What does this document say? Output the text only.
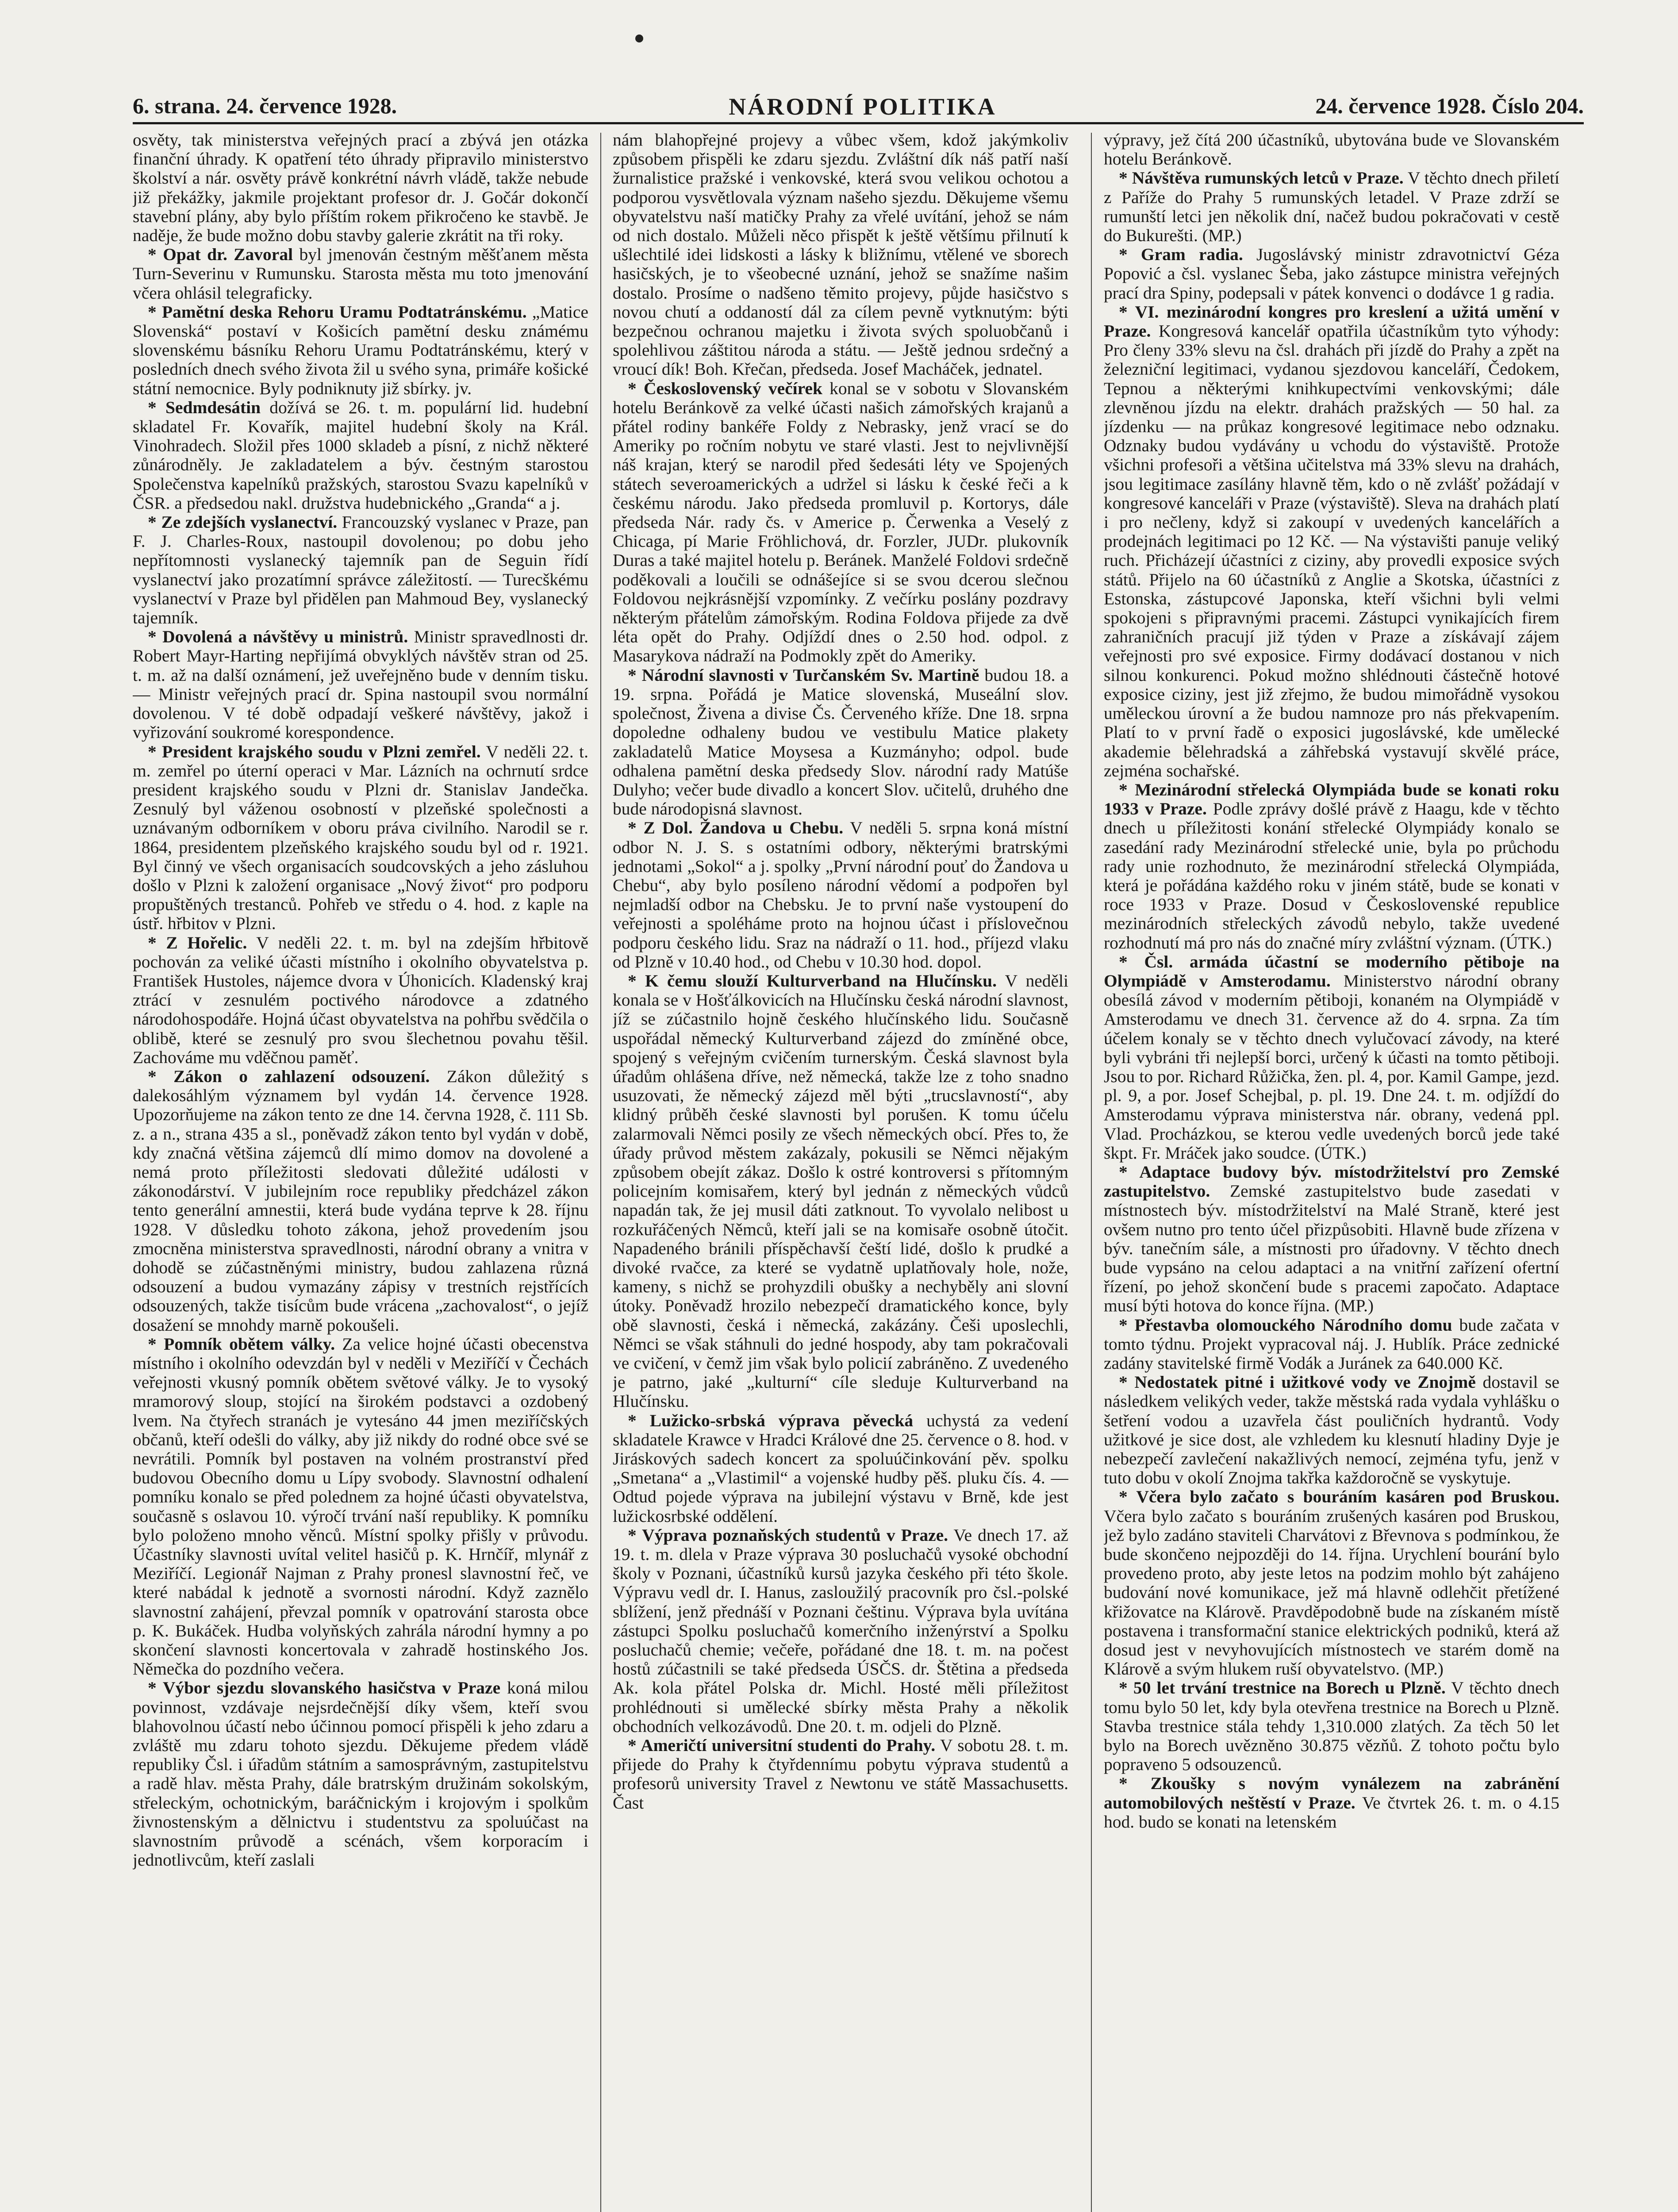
6. strana. 24. července 1928.	NÁRODNÍ POLITIKA	24. července 1928. Číslo 204.

osvěty, tak ministerstva veřejných prací a zbývá jen otázka finanční úhrady. K opatření této úhrady připravilo ministerstvo školství a nár. osvěty právě konkrétní návrh vládě, takže nebude již překážky, jakmile projektant profesor dr. J. Gočár dokončí stavební plány, aby bylo příštím rokem přikročeno ke stavbě. Je naděje, že bude možno dobu stavby galerie zkrátit na tři roky.

* Opat dr. Zavoral byl jmenován čestným měšťanem města Turn-Severinu v Rumunsku. Starosta města mu toto jmenování včera ohlásil telegraficky.

* Pamětní deska Rehoru Uramu Podtatránskému. „Matice Slovenská“ postaví v Košicích pamětní desku známému slovenskému básníku Rehoru Uramu Podtatránskému, který v posledních dnech svého života žil u svého syna, primáře košické státní nemocnice. Byly podniknuty již sbírky. jv.

* Sedmdesátin dožívá se 26. t. m. populární lid. hudební skladatel Fr. Kovařík, majitel hudební školy na Král. Vinohradech. Složil přes 1000 skladeb a písní, z nichž některé zůnárodněly. Je zakladatelem a býv. čestným starostou Společenstva kapelníků pražských, starostou Svazu kapelníků v ČSR. a předsedou nakl. družstva hudebnického „Granda“ a j.

* Ze zdejších vyslanectví. Francouzský vyslanec v Praze, pan F. J. Charles-Roux, nastoupil dovolenou; po dobu jeho nepřítomnosti vyslanecký tajemník pan de Seguin řídí vyslanectví jako prozatímní správce záležitostí. — Turecškému vyslanectví v Praze byl přidělen pan Mahmoud Bey, vyslanecký tajemník.

* Dovolená a návštěvy u ministrů. Ministr spravedlnosti dr. Robert Mayr-Harting nepřijímá obvyklých návštěv stran od 25. t. m. až na další oznámení, jež uveřejněno bude v denním tisku. — Ministr veřejných prací dr. Spina nastoupil svou normální dovolenou. V té době odpadají veškeré návštěvy, jakož i vyřizování soukromé korespondence.

* President krajského soudu v Plzni zemřel. V neděli 22. t. m. zemřel po úterní operaci v Mar. Lázních na ochrnutí srdce president krajského soudu v Plzni dr. Stanislav Jandečka. Zesnulý byl váženou osobností v plzeňské společnosti a uznávaným odborníkem v oboru práva civilního. Narodil se r. 1864, presidentem plzeňského krajského soudu byl od r. 1921. Byl činný ve všech organisacích soudcovských a jeho zásluhou došlo v Plzni k založení organisace „Nový život“ pro podporu propuštěných trestanců. Pohřeb ve středu o 4. hod. z kaple na ústř. hřbitov v Plzni.

* Z Hořelic. V neděli 22. t. m. byl na zdejším hřbitově pochován za veliké účasti místního i okolního obyvatelstva p. František Hustoles, nájemce dvora v Úhonicích. Kladenský kraj ztrácí v zesnulém poctivého národovce a zdatného národohospodáře. Hojná účast obyvatelstva na pohřbu svědčila o oblibě, které se zesnulý pro svou šlechetnou povahu těšil. Zachováme mu vděčnou paměť.

* Zákon o zahlazení odsouzení. Zákon důležitý s dalekosáhlým významem byl vydán 14. července 1928. Upozorňujeme na zákon tento ze dne 14. června 1928, č. 111 Sb. z. a n., strana 435 a sl., poněvadž zákon tento byl vydán v době, kdy značná většina zájemců dlí mimo domov na dovolené a nemá proto příležitosti sledovati důležité události v zákonodárství. V jubilejním roce republiky předcházel zákon tento generální amnestii, která bude vydána teprve k 28. říjnu 1928. V důsledku tohoto zákona, jehož provedením jsou zmocněna ministerstva spravedlnosti, národní obrany a vnitra v dohodě se zúčastněnými ministry, budou zahlazena různá odsouzení a budou vymazány zápisy v trestních rejstřících odsouzených, takže tisícům bude vrácena „zachovalost“, o jejíž dosažení se mnohdy marně pokoušeli.

* Pomník obětem války. Za velice hojné účasti obecenstva místního i okolního odevzdán byl v neděli v Meziříčí v Čechách veřejnosti vkusný pomník obětem světové války. Je to vysoký mramorový sloup, stojící na širokém podstavci a ozdobený lvem. Na čtyřech stranách je vytesáno 44 jmen meziříčských občanů, kteří odešli do války, aby již nikdy do rodné obce své se nevrátili. Pomník byl postaven na volném prostranství před budovou Obecního domu u Lípy svobody. Slavnostní odhalení pomníku konalo se před polednem za hojné účasti obyvatelstva, současně s oslavou 10. výročí trvání naší republiky. K pomníku bylo položeno mnoho věnců. Místní spolky přišly v průvodu. Účastníky slavnosti uvítal velitel hasičů p. K. Hrnčíř, mlynář z Meziříčí. Legionář Najman z Prahy pronesl slavnostní řeč, ve které nabádal k jednotě a svornosti národní. Když zaznělo slavnostní zahájení, převzal pomník v opatrování starosta obce p. K. Bukáček. Hudba volyňských zahrála národní hymny a po skončení slavnosti koncertovala v zahradě hostinského Jos. Němečka do pozdního večera.

* Výbor sjezdu slovanského hasičstva v Praze koná milou povinnost, vzdávaje nejsrdečnější díky všem, kteří svou blahovolnou účastí nebo účinnou pomocí přispěli k jeho zdaru a zvláště mu zdaru tohoto sjezdu. Děkujeme předem vládě republiky Čsl. i úřadům státním a samosprávným, zastupitelstvu a radě hlav. města Prahy, dále bratrským družinám sokolským, střeleckým, ochotnickým, baráčnickým i krojovým i spolkům živnostenským a dělnictvu i studentstvu za spoluúčast na slavnostním průvodě a scénách, všem korporacím i jednotlivcům, kteří zaslali

nám blahopřejné projevy a vůbec všem, kdož jakýmkoliv způsobem přispěli ke zdaru sjezdu. Zvláštní dík náš patří naší žurnalistice pražské i venkovské, která svou velikou ochotou a podporou vysvětlovala význam našeho sjezdu. Děkujeme všemu obyvatelstvu naší matičky Prahy za vřelé uvítání, jehož se nám od nich dostalo. Můželi něco přispět k ještě většímu přilnutí k ušlechtilé idei lidskosti a lásky k bližnímu, vtělené ve sborech hasičských, je to všeobecné uznání, jehož se snažíme našim dostalo. Prosíme o nadšeno těmito projevy, půjde hasičstvo s novou chutí a oddaností dál za cílem pevně vytknutým: býti bezpečnou ochranou majetku i života svých spoluobčanů i spolehlivou záštitou národa a státu. — Ještě jednou srdečný a vroucí dík! Boh. Křečan, předseda. Josef Macháček, jednatel.

* Československý večírek konal se v sobotu v Slovanském hotelu Beránkově za velké účasti našich zámořských krajanů a přátel rodiny bankéře Foldy z Nebrasky, jenž vrací se do Ameriky po ročním nobytu ve staré vlasti. Jest to nejvlivnější náš krajan, který se narodil před šedesáti léty ve Spojených státech severoamerických a udržel si lásku k české řeči a k českému národu. Jako předseda promluvil p. Kortorys, dále předseda Nár. rady čs. v Americe p. Čerwenka a Veselý z Chicaga, pí Marie Fröhlichová, dr. Forzler, JUDr. plukovník Duras a také majitel hotelu p. Beránek. Manželé Foldovi srdečně poděkovali a loučili se odnášejíce si se svou dcerou slečnou Foldovou nejkrásnější vzpomínky. Z večírku poslány pozdravy některým přátelům zámořským. Rodina Foldova přijede za dvě léta opět do Prahy. Odjíždí dnes o 2.50 hod. odpol. z Masarykova nádraží na Podmokly zpět do Ameriky.

* Národní slavnosti v Turčanském Sv. Martině budou 18. a 19. srpna. Pořádá je Matice slovenská, Museální slov. společnost, Živena a divise Čs. Červeného kříže. Dne 18. srpna dopoledne odhaleny budou ve vestibulu Matice plakety zakladatelů Matice Moysesa a Kuzmányho; odpol. bude odhalena pamětní deska předsedy Slov. národní rady Matúše Dulyho; večer bude divadlo a koncert Slov. učitelů, druhého dne bude národopisná slavnost.

* Z Dol. Žandova u Chebu. V neděli 5. srpna koná místní odbor N. J. S. s ostatními odbory, některými bratrskými jednotami „Sokol“ a j. spolky „První národní pouť do Žandova u Chebu“, aby bylo posíleno národní vědomí a podpořen byl nejmladší odbor na Chebsku. Je to první naše vystoupení do veřejnosti a spoléháme proto na hojnou účast i příslovečnou podporu českého lidu. Sraz na nádraží o 11. hod., příjezd vlaku od Plzně v 10.40 hod., od Chebu v 10.30 hod. dopol.

* K čemu slouží Kulturverband na Hlučínsku. V neděli konala se v Hošťálkovicích na Hlučínsku česká národní slavnost, jíž se zúčastnilo hojně českého hlučínského lidu. Současně uspořádal německý Kulturverband zájezd do zmíněné obce, spojený s veřejným cvičením turnerským. Česká slavnost byla úřadům ohlášena dříve, než německá, takže lze z toho snadno usuzovati, že německý zájezd měl býti „trucslavností“, aby klidný průběh české slavnosti byl porušen. K tomu účelu zalarmovali Němci posily ze všech německých obcí. Přes to, že úřady průvod městem zakázaly, pokusili se Němci nějakým způsobem obejít zákaz. Došlo k ostré kontroversi s přítomným policejním komisařem, který byl jednán z německých vůdců napadán tak, že jej musil dáti zatknout. To vyvolalo nelibost u rozkuřáčených Němců, kteří jali se na komisaře osobně útočit. Napadeného bránili příspěchavší čeští lidé, došlo k prudké a divoké rvačce, za které se vydatně uplatňovaly hole, nože, kameny, s nichž se prohyzdili obušky a nechyběly ani slovní útoky. Poněvadž hrozilo nebezpečí dramatického konce, byly obě slavnosti, česká i německá, zakázány. Češi uposlechli, Němci se však stáhnuli do jedné hospody, aby tam pokračovali ve cvičení, v čemž jim však bylo policií zabráněno. Z uvedeného je patrno, jaké „kulturní“ cíle sleduje Kulturverband na Hlučínsku.

* Lužicko-srbská výprava pěvecká uchystá za vedení skladatele Krawce v Hradci Králové dne 25. července o 8. hod. v Jiráskových sadech koncert za spoluúčinkování pěv. spolku „Smetana“ a „Vlastimil“ a vojenské hudby pěš. pluku čís. 4. — Odtud pojede výprava na jubilejní výstavu v Brně, kde jest lužickosrbské oddělení.

* Výprava poznaňských studentů v Praze. Ve dnech 17. až 19. t. m. dlela v Praze výprava 30 posluchačů vysoké obchodní školy v Poznani, účastníků kursů jazyka českého při této škole. Výpravu vedl dr. I. Hanus, zasloužilý pracovník pro čsl.-polské sblížení, jenž přednáší v Poznani češtinu. Výprava byla uvítána zástupci Spolku posluchačů komerčního inženýrství a Spolku posluchačů chemie; večeře, pořádané dne 18. t. m. na počest hostů zúčastnili se také předseda ÚSČS. dr. Štětina a předseda Ak. kola přátel Polska dr. Michl. Hosté měli příležitost prohlédnouti si umělecké sbírky města Prahy a několik obchodních velkozávodů. Dne 20. t. m. odjeli do Plzně.

* Američtí universitní studenti do Prahy. V sobotu 28. t. m. přijede do Prahy k čtyřdennímu pobytu výprava studentů a profesorů university Travel z Newtonu ve státě Massachusetts. Čast

výpravy, jež čítá 200 účastníků, ubytována bude ve Slovanském hotelu Beránkově.

* Návštěva rumunských letců v Praze. V těchto dnech přiletí z Paříže do Prahy 5 rumunských letadel. V Praze zdrží se rumunští letci jen několik dní, načež budou pokračovati v cestě do Bukurešti. (MP.)

* Gram radia. Jugoslávský ministr zdravotnictví Géza Popović a čsl. vyslanec Šeba, jako zástupce ministra veřejných prací dra Spiny, podepsali v pátek konvenci o dodávce 1 g radia.

* VI. mezinárodní kongres pro kreslení a užitá umění v Praze. Kongresová kancelář opatřila účastníkům tyto výhody: Pro členy 33% slevu na čsl. drahách při jízdě do Prahy a zpět na železniční legitimaci, vydanou sjezdovou kanceláří, Čedokem, Tepnou a některými knihkupectvími venkovskými; dále zlevněnou jízdu na elektr. drahách pražských — 50 hal. za jízdenku — na průkaz kongresové legitimace nebo odznaku. Odznaky budou vydávány u vchodu do výstaviště. Protože všichni profesoři a většina učitelstva má 33% slevu na drahách, jsou legitimace zasílány hlavně těm, kdo o ně zvlášť požádají v kongresové kanceláři v Praze (výstaviště). Sleva na drahách platí i pro nečleny, když si zakoupí v uvedených kancelářích a prodejnách legitimaci po 12 Kč. — Na výstavišti panuje veliký ruch. Přicházejí účastníci z ciziny, aby provedli exposice svých států. Přijelo na 60 účastníků z Anglie a Skotska, účastníci z Estonska, zástupcové Japonska, kteří všichni byli velmi spokojeni s připravnými pracemi. Zástupci vynikajících firem zahraničních pracují již týden v Praze a získávají zájem veřejnosti pro své exposice. Firmy dodávací dostanou v nich silnou konkurenci. Pokud možno shlédnouti částečně hotové exposice ciziny, jest již zřejmo, že budou mimořádně vysokou uměleckou úrovní a že budou namnoze pro nás překvapením. Platí to v první řadě o exposici jugoslávské, kde umělecké akademie bělehradská a záhřebská vystavují skvělé práce, zejména sochařské.

* Mezinárodní střelecká Olympiáda bude se konati roku 1933 v Praze. Podle zprávy došlé právě z Haagu, kde v těchto dnech u příležitosti konání střelecké Olympiády konalo se zasedání rady Mezinárodní střelecké unie, byla po průchodu rady unie rozhodnuto, že mezinárodní střelecká Olympiáda, která je pořádána každého roku v jiném státě, bude se konati v roce 1933 v Praze. Dosud v Československé republice mezinárodních střeleckých závodů nebylo, takže uvedené rozhodnutí má pro nás do značné míry zvláštní význam. (ÚTK.)

* Čsl. armáda účastní se moderního pětiboje na Olympiádě v Amsterodamu. Ministerstvo národní obrany obesílá závod v moderním pětiboji, konaném na Olympiádě v Amsterodamu ve dnech 31. července až do 4. srpna. Za tím účelem konaly se v těchto dnech vylučovací závody, na které byli vybráni tři nejlepší borci, určený k účasti na tomto pětiboji. Jsou to por. Richard Růžička, žen. pl. 4, por. Kamil Gampe, jezd. pl. 9, a por. Josef Schejbal, p. pl. 19. Dne 24. t. m. odjíždí do Amsterodamu výprava ministerstva nár. obrany, vedená ppl. Vlad. Procházkou, se kterou vedle uvedených borců jede také škpt. Fr. Mráček jako soudce. (ÚTK.)

* Adaptace budovy býv. místodržitelství pro Zemské zastupitelstvo. Zemské zastupitelstvo bude zasedati v místnostech býv. místodržitelství na Malé Straně, které jest ovšem nutno pro tento účel přizpůsobiti. Hlavně bude zřízena v býv. tanečním sále, a místnosti pro úřadovny. V těchto dnech bude vypsáno na celou adaptaci a na vnitřní zařízení ofertní řízení, po jehož skončení bude s pracemi započato. Adaptace musí býti hotova do konce října. (MP.)

* Přestavba olomouckého Národního domu bude začata v tomto týdnu. Projekt vypracoval náj. J. Hublík. Práce zednické zadány stavitelské firmě Vodák a Juránek za 640.000 Kč.

* Nedostatek pitné i užitkové vody ve Znojmě dostavil se následkem velikých veder, takže městská rada vydala vyhlášku o šetření vodou a uzavřela část pouličních hydrantů. Vody užitkové je sice dost, ale vzhledem ku klesnutí hladiny Dyje je nebezpečí zavlečení nakažlivých nemocí, zejména tyfu, jenž v tuto dobu v okolí Znojma takřka každoročně se vyskytuje.

* Včera bylo začato s bouráním kasáren pod Bruskou. Včera bylo začato s bouráním zrušených kasáren pod Bruskou, jež bylo zadáno staviteli Charvátovi z Břevnova s podmínkou, že bude skončeno nejpozději do 14. října. Urychlení bourání bylo provedeno proto, aby jeste letos na podzim mohlo být zahájeno budování nové komunikace, jež má hlavně odlehčit přetížené křižovatce na Klárově. Pravděpodobně bude na získaném místě postavena i transformační stanice elektrických podniků, která až dosud jest v nevyhovujících místnostech ve starém domě na Klárově a svým hlukem ruší obyvatelstvo. (MP.)

* 50 let trvání trestnice na Borech u Plzně. V těchto dnech tomu bylo 50 let, kdy byla otevřena trestnice na Borech u Plzně. Stavba trestnice stála tehdy 1,310.000 zlatých. Za těch 50 let bylo na Borech uvězněno 30.875 vězňů. Z tohoto počtu bylo popraveno 5 odsouzenců.

* Zkoušky s novým vynálezem na zabránění automobilových neštěstí v Praze. Ve čtvrtek 26. t. m. o 4.15 hod. budo se konati na letenském
